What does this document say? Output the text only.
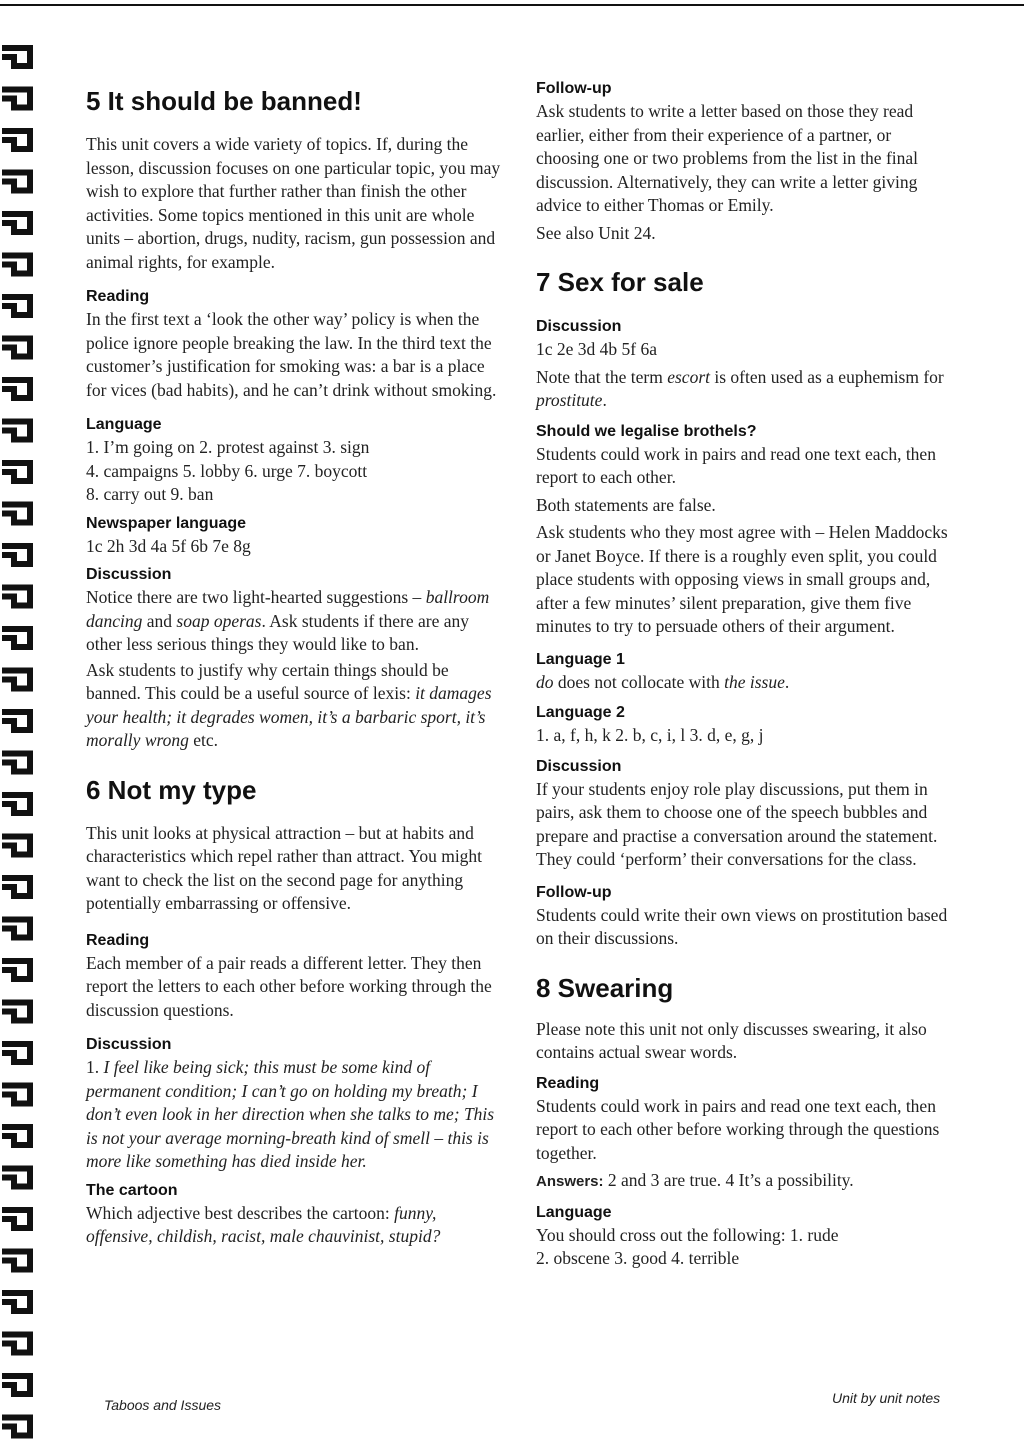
5 It should be banned!

This unit covers a wide variety of topics. If, during the lesson, discussion focuses on one particular topic, you may wish to explore that further rather than finish the other activities. Some topics mentioned in this unit are whole units – abortion, drugs, nudity, racism, gun possession and animal rights, for example.

Reading

In the first text a ‘look the other way’ policy is when the police ignore people breaking the law. In the third text the customer’s justification for smoking was: a bar is a place for vices (bad habits), and he can’t drink without smoking.

Language

1. I’m going on 2. protest against 3. sign

4. campaigns 5. lobby 6. urge 7. boycott

8. carry out 9. ban

Newspaper language

1c 2h 3d 4a 5f 6b 7e 8g

Discussion

Notice there are two light-hearted suggestions – ballroom dancing and soap operas. Ask students if there are any other less serious things they would like to ban.

Ask students to justify why certain things should be banned. This could be a useful source of lexis: it damages your health; it degrades women, it’s a barbaric sport, it’s morally wrong etc.

6 Not my type

This unit looks at physical attraction – but at habits and characteristics which repel rather than attract. You might want to check the list on the second page for anything potentially embarrassing or offensive.

Reading

Each member of a pair reads a different letter. They then report the letters to each other before working through the discussion questions.

Discussion

1. I feel like being sick; this must be some kind of permanent condition; I can’t go on holding my breath; I don’t even look in her direction when she talks to me; This is not your average morning-breath kind of smell – this is more like something has died inside her.

The cartoon

Which adjective best describes the cartoon: funny, offensive, childish, racist, male chauvinist, stupid?

Follow-up

Ask students to write a letter based on those they read earlier, either from their experience of a partner, or choosing one or two problems from the list in the final discussion. Alternatively, they can write a letter giving advice to either Thomas or Emily.

See also Unit 24.

7 Sex for sale
Discussion

1c 2e 3d 4b 5f 6a

Note that the term escort is often used as a euphemism for prostitute.

Should we legalise brothels?

Students could work in pairs and read one text each, then report to each other.

Both statements are false.

Ask students who they most agree with – Helen Maddocks or Janet Boyce. If there is a roughly even split, you could place students with opposing views in small groups and, after a few minutes’ silent preparation, give them five minutes to try to persuade others of their argument.

Language 1

do does not collocate with the issue.

Language 2

1. a, f, h, k 2. b, c, i, l 3. d, e, g, j

Discussion

If your students enjoy role play discussions, put them in pairs, ask them to choose one of the speech bubbles and prepare and practise a conversation around the statement. They could ‘perform’ their conversations for the class.

Follow-up

Students could write their own views on prostitution based on their discussions.

8 Swearing

Please note this unit not only discusses swearing, it also contains actual swear words.

Reading

Students could work in pairs and read one text each, then report to each other before working through the questions together.

Answers: 2 and 3 are true. 4 It’s a possibility.

Language

You should cross out the following: 1. rude

2. obscene 3. good 4. terrible

Taboos and Issues	Unit by unit notes
